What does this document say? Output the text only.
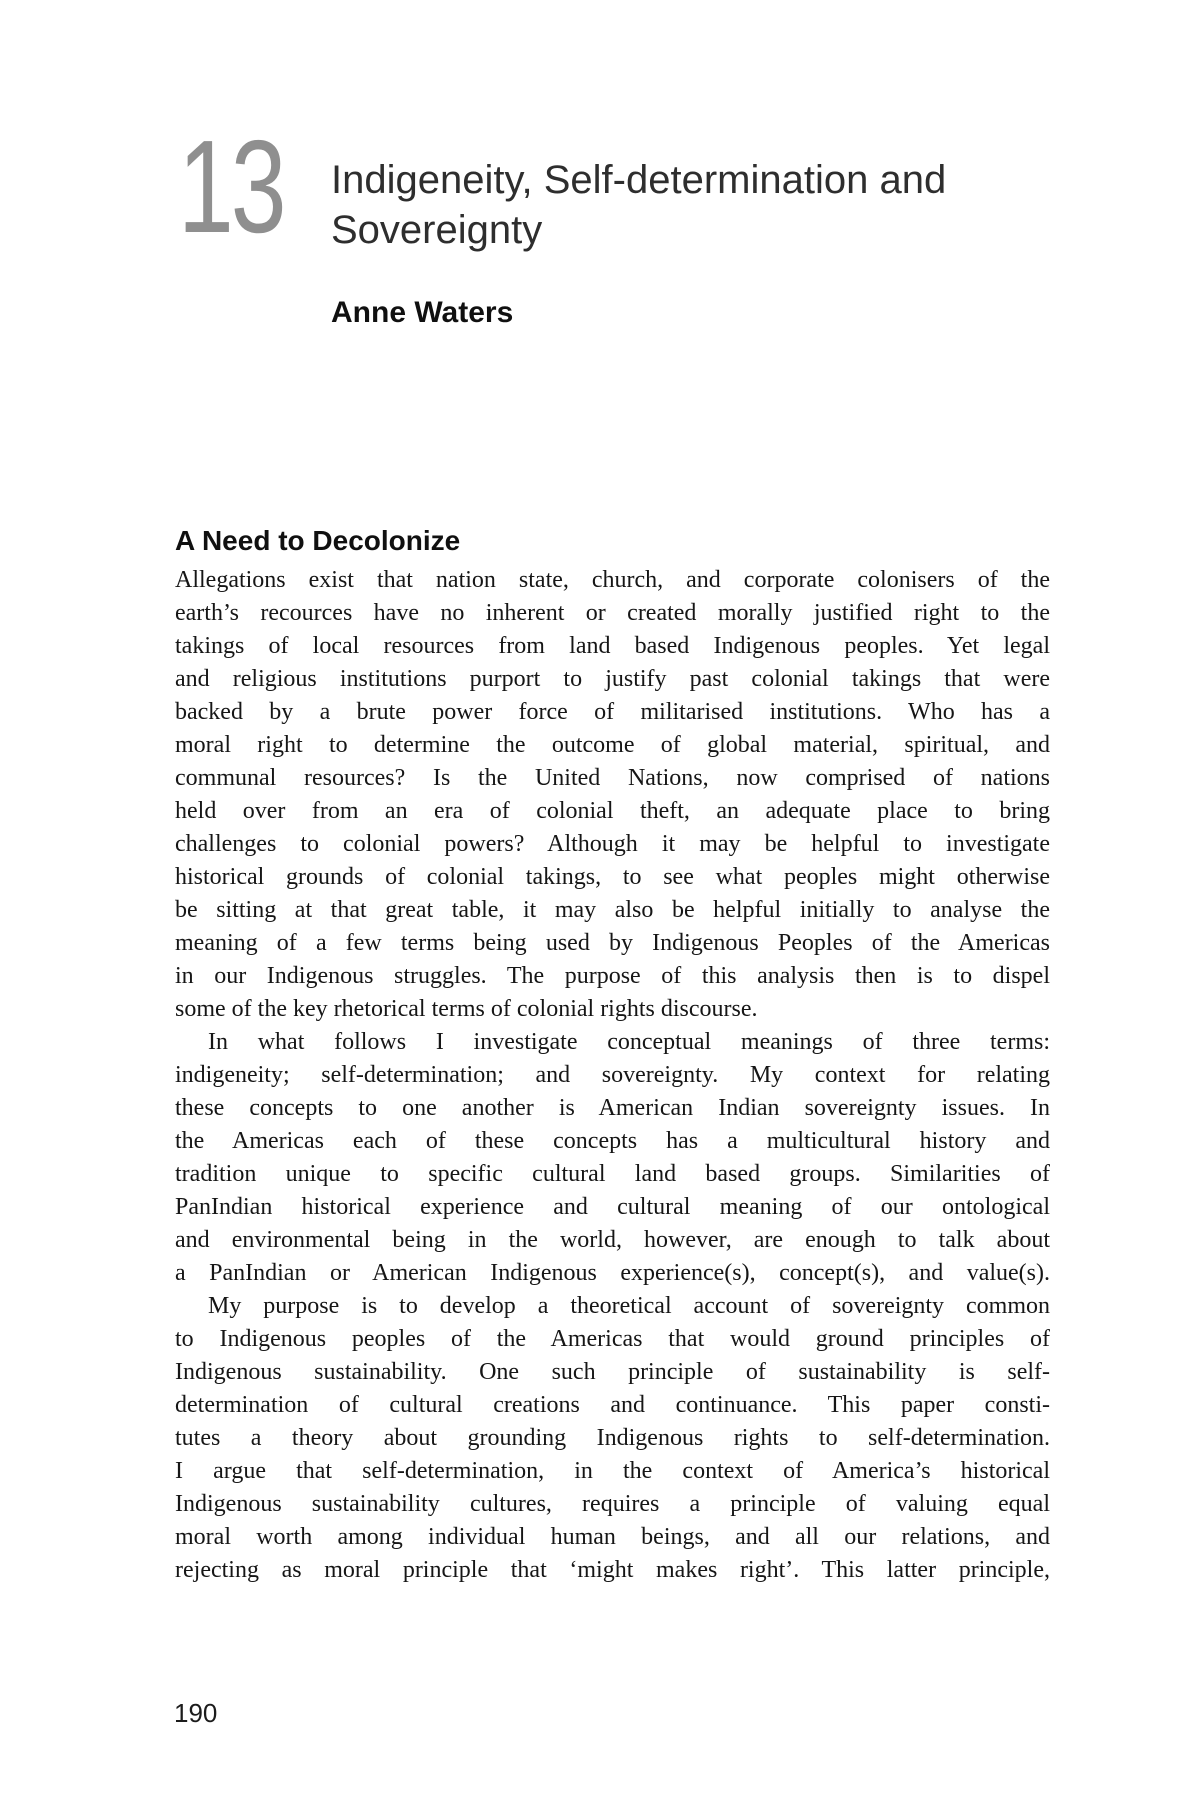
13 Indigeneity, Self-determination and
Sovereignty
Anne Waters
A Need to Decolonize
Allegations exist that nation state, church, and corporate colonisers of the
earth’s recources have no inherent or created morally justified right to the
takings of local resources from land based Indigenous peoples. Yet legal
and religious institutions purport to justify past colonial takings that were
backed by a brute power force of militarised institutions. Who has a
moral right to determine the outcome of global material, spiritual, and
communal resources? Is the United Nations, now comprised of nations
held over from an era of colonial theft, an adequate place to bring
challenges to colonial powers? Although it may be helpful to investigate
historical grounds of colonial takings, to see what peoples might otherwise
be sitting at that great table, it may also be helpful initially to analyse the
meaning of a few terms being used by Indigenous Peoples of the Americas
in our Indigenous struggles. The purpose of this analysis then is to dispel
some of the key rhetorical terms of colonial rights discourse.
In what follows I investigate conceptual meanings of three terms:
indigeneity; self-determination; and sovereignty. My context for relating
these concepts to one another is American Indian sovereignty issues. In
the Americas each of these concepts has a multicultural history and
tradition unique to specific cultural land based groups. Similarities of
PanIndian historical experience and cultural meaning of our ontological
and environmental being in the world, however, are enough to talk about
a PanIndian or American Indigenous experience(s), concept(s), and value(s).
My purpose is to develop a theoretical account of sovereignty common
to Indigenous peoples of the Americas that would ground principles of
Indigenous sustainability. One such principle of sustainability is self-
determination of cultural creations and continuance. This paper consti-
tutes a theory about grounding Indigenous rights to self-determination.
I argue that self-determination, in the context of America’s historical
Indigenous sustainability cultures, requires a principle of valuing equal
moral worth among individual human beings, and all our relations, and
rejecting as moral principle that ‘might makes right’. This latter principle,
190
